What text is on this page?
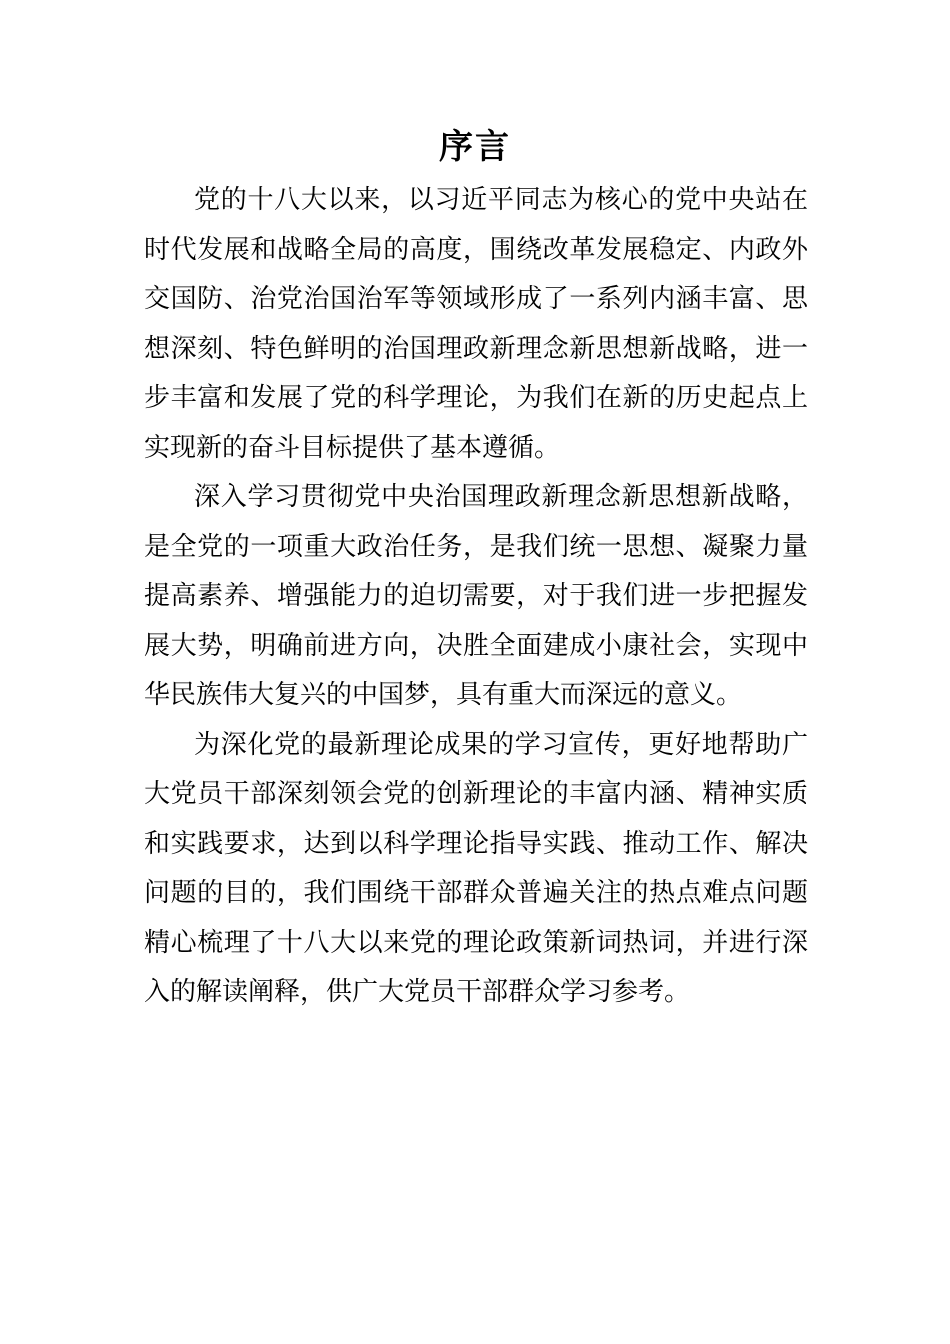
序言
党的十八大以来，以习近平同志为核心的党中央站在
时代发展和战略全局的高度，围绕改革发展稳定、内政外
交国防、治党治国治军等领域形成了一系列内涵丰富、思
想深刻、特色鲜明的治国理政新理念新思想新战略，进一
步丰富和发展了党的科学理论，为我们在新的历史起点上
实现新的奋斗目标提供了基本遵循。
深入学习贯彻党中央治国理政新理念新思想新战略，
是全党的一项重大政治任务，是我们统一思想、凝聚力量
提高素养、增强能力的迫切需要，对于我们进一步把握发
展大势，明确前进方向，决胜全面建成小康社会，实现中
华民族伟大复兴的中国梦，具有重大而深远的意义。
为深化党的最新理论成果的学习宣传，更好地帮助广
大党员干部深刻领会党的创新理论的丰富内涵、精神实质
和实践要求，达到以科学理论指导实践、推动工作、解决
问题的目的，我们围绕干部群众普遍关注的热点难点问题
精心梳理了十八大以来党的理论政策新词热词，并进行深
入的解读阐释，供广大党员干部群众学习参考。
